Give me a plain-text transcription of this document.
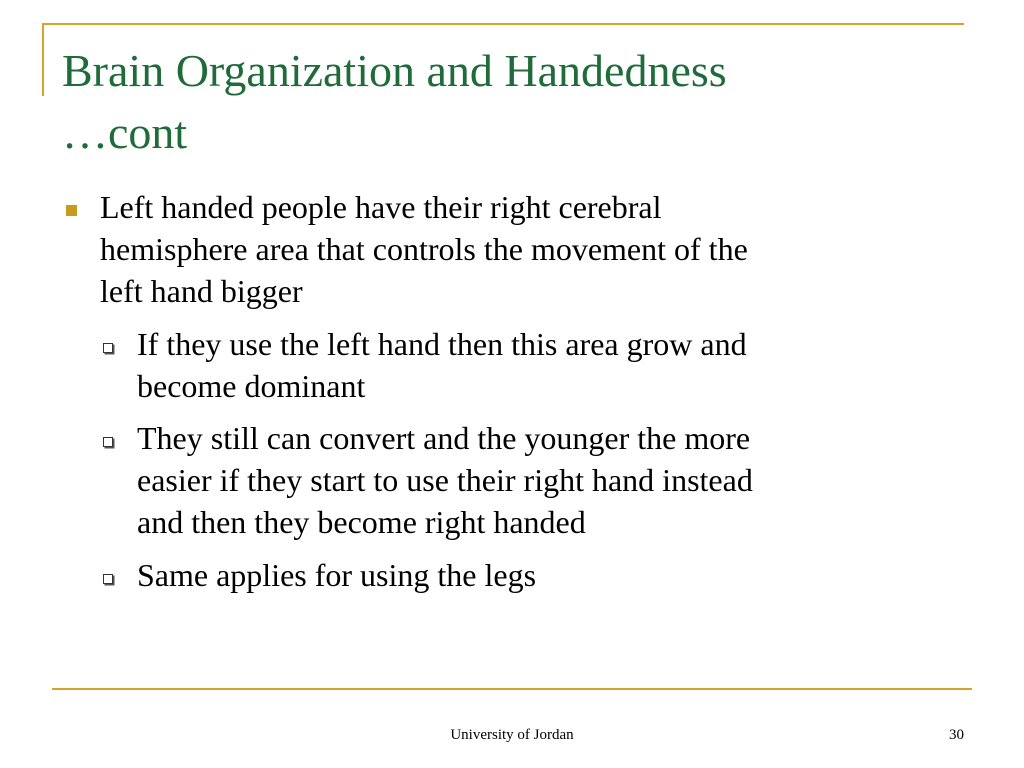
Brain Organization and Handedness
…cont
Left handed people have their right cerebral
hemisphere area that controls the movement of the
left hand bigger
If they use the left hand then this area grow and
become dominant
They still can convert and the younger the more
easier if they start to use their right hand instead
and then they become right handed
Same applies for using the legs
University of Jordan	30
